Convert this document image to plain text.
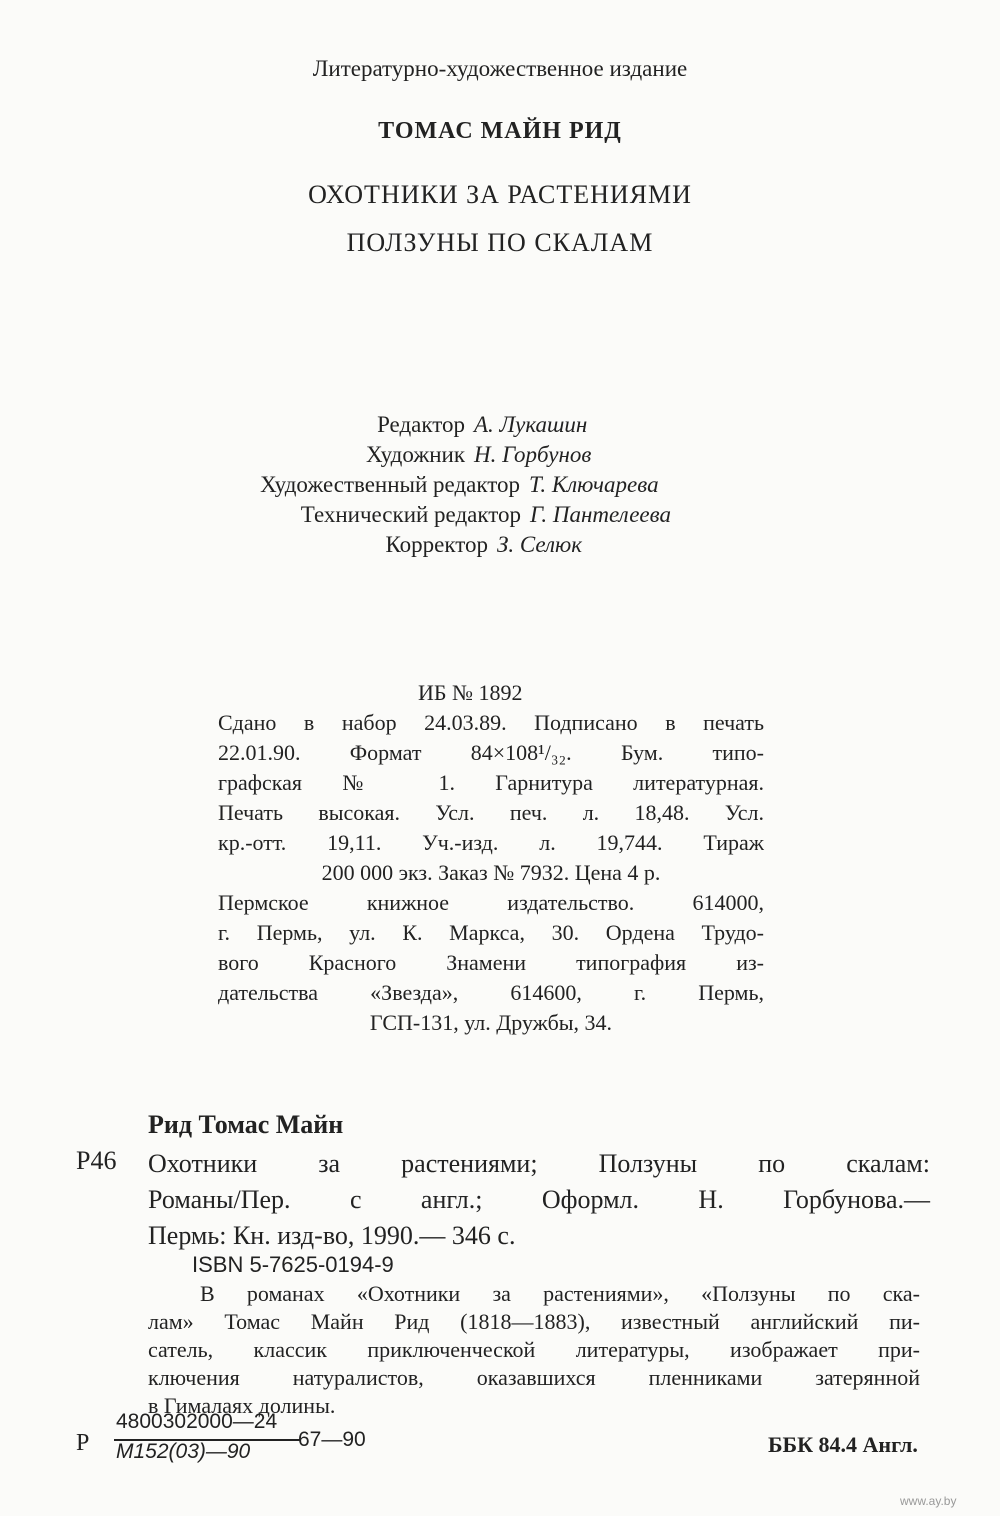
Литературно-художественное издание
ТОМАС МАЙН РИД
ОХОТНИКИ ЗА РАСТЕНИЯМИ
ПОЛЗУНЫ ПО СКАЛАМ
Редактор А. Лукашин
Художник Н. Горбунов
Художественный редактор Т. Ключарева
Технический редактор Г. Пантелеева
Корректор З. Селюк
ИБ № 1892
Сдано в набор 24.03.89. Подписано в печать
22.01.90. Формат 84×108¹/₃₂. Бум. типо-
графская № 1. Гарнитура литературная.
Печать высокая. Усл. печ. л. 18,48. Усл.
кр.-отт. 19,11. Уч.-изд. л. 19,744. Тираж
200 000 экз. Заказ № 7932. Цена 4 р.
Пермское книжное издательство. 614000,
г. Пермь, ул. К. Маркса, 30. Ордена Трудо-
вого Красного Знамени типография из-
дательства «Звезда», 614600, г. Пермь,
ГСП-131, ул. Дружбы, 34.
Рид Томас Майн
Р46 Охотники за растениями; Ползуны по скалам:
Романы/Пер. с англ.; Оформл. Н. Горбунова.—
Пермь: Кн. изд-во, 1990.— 346 с.
ISBN 5-7625-0194-9
В романах «Охотники за растениями», «Ползуны по ска-
лам» Томас Майн Рид (1818—1883), известный английский пи-
сатель, классик приключенческой литературы, изображает при-
ключения натуралистов, оказавшихся пленниками затерянной
в Гималаях долины.
Р
4800302000—24
М152(03)—90
67—90	ББК 84.4 Англ.
www.ay.by
